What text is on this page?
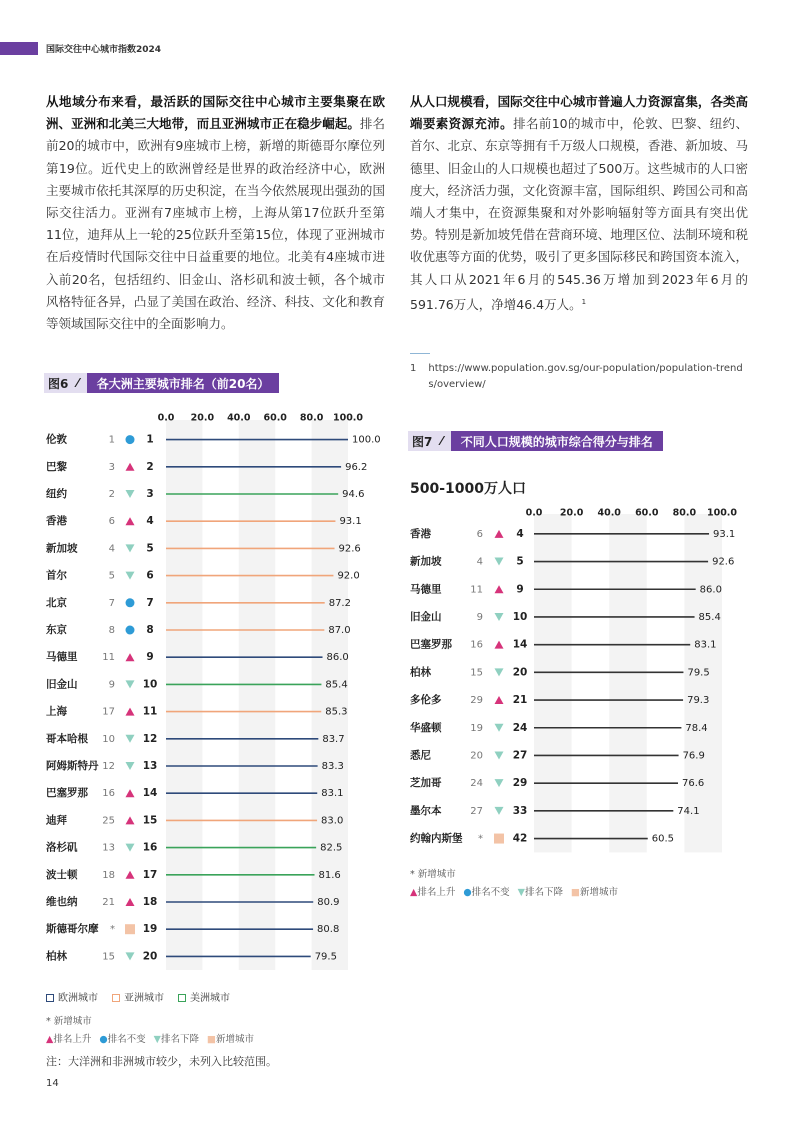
国际交往中心城市指数2024
从地域分布来看，最活跃的国际交往中心城市主要集聚在欧洲、亚洲和北美三大地带，而且亚洲城市正在稳步崛起。排名前20的城市中，欧洲有9座城市上榜，新增的斯德哥尔摩位列第19位。近代史上的欧洲曾经是世界的政治经济中心，欧洲主要城市依托其深厚的历史积淀，在当今依然展现出强劲的国际交往活力。亚洲有7座城市上榜，上海从第17位跃升至第11位，迪拜从上一轮的25位跃升至第15位，体现了亚洲城市在后疫情时代国际交往中日益重要的地位。北美有4座城市进入前20名，包括纽约、旧金山、洛杉矶和波士顿，各个城市风格特征各异，凸显了美国在政治、经济、科技、文化和教育等领域国际交往中的全面影响力。
从人口规模看，国际交往中心城市普遍人力资源富集，各类高端要素资源充沛。排名前10的城市中，伦敦、巴黎、纽约、首尔、北京、东京等拥有千万级人口规模，香港、新加坡、马德里、旧金山的人口规模也超过了500万。这些城市的人口密度大，经济活力强，文化资源丰富，国际组织、跨国公司和高端人才集中，在资源集聚和对外影响辐射等方面具有突出优势。特别是新加坡凭借在营商环境、地理区位、法制环境和税收优惠等方面的优势，吸引了更多国际移民和跨国资本流入，其人口从2021年6月的545.36万增加到2023年6月的591.76万人，净增46.4万人。$^1$
1 https://www.population.gov.sg/our-population/population-trends/overview/
图6 ⁄	各大洲主要城市排名（前20名）
0.0 20.0 40.0 60.0 80.0 100.0
伦敦	1	1	100.0
巴黎	3	2	96.2
纽约	2	3	94.6
香港	6	4	93.1
新加坡	4	5	92.6
首尔	5	6	92.0
北京	7	7	87.2
东京	8	8	87.0
马德里 11	9	86.0
旧金山	9	10	85.4
上海	17	11	85.3
哥本哈根 10	12	83.7
阿姆斯特丹 12	13	83.3
巴塞罗那 16	14	83.1
迪拜	25	15	83.0
洛杉矶 13	16	82.5
波士顿 18	17	81.6
维也纳 21	18	80.9
斯德哥尔摩 *	19	80.8
柏林	15	20	79.5
欧洲城市	亚洲城市	美洲城市
* 新增城市
▲排名上升 ●排名不变 ▼排名下降 ■新增城市
注：大洋洲和非洲城市较少，未列入比较范围。
图7 ⁄	不同人口规模的城市综合得分与排名
500-1000万人口
0.0 20.0 40.0 60.0 80.0 100.0
香港	6	4	93.1
新加坡	4	5	92.6
马德里	11	9	86.0
旧金山	9	10	85.4
巴塞罗那 16	14	83.1
柏林	15	20	79.5
多伦多	29	21	79.3
华盛顿	19	24	78.4
悉尼	20	27	76.9
芝加哥	24	29	76.6
墨尔本	27	33	74.1
约翰内斯堡 *	42	60.5
* 新增城市
▲排名上升 ●排名不变 ▼排名下降 ■新增城市
14
